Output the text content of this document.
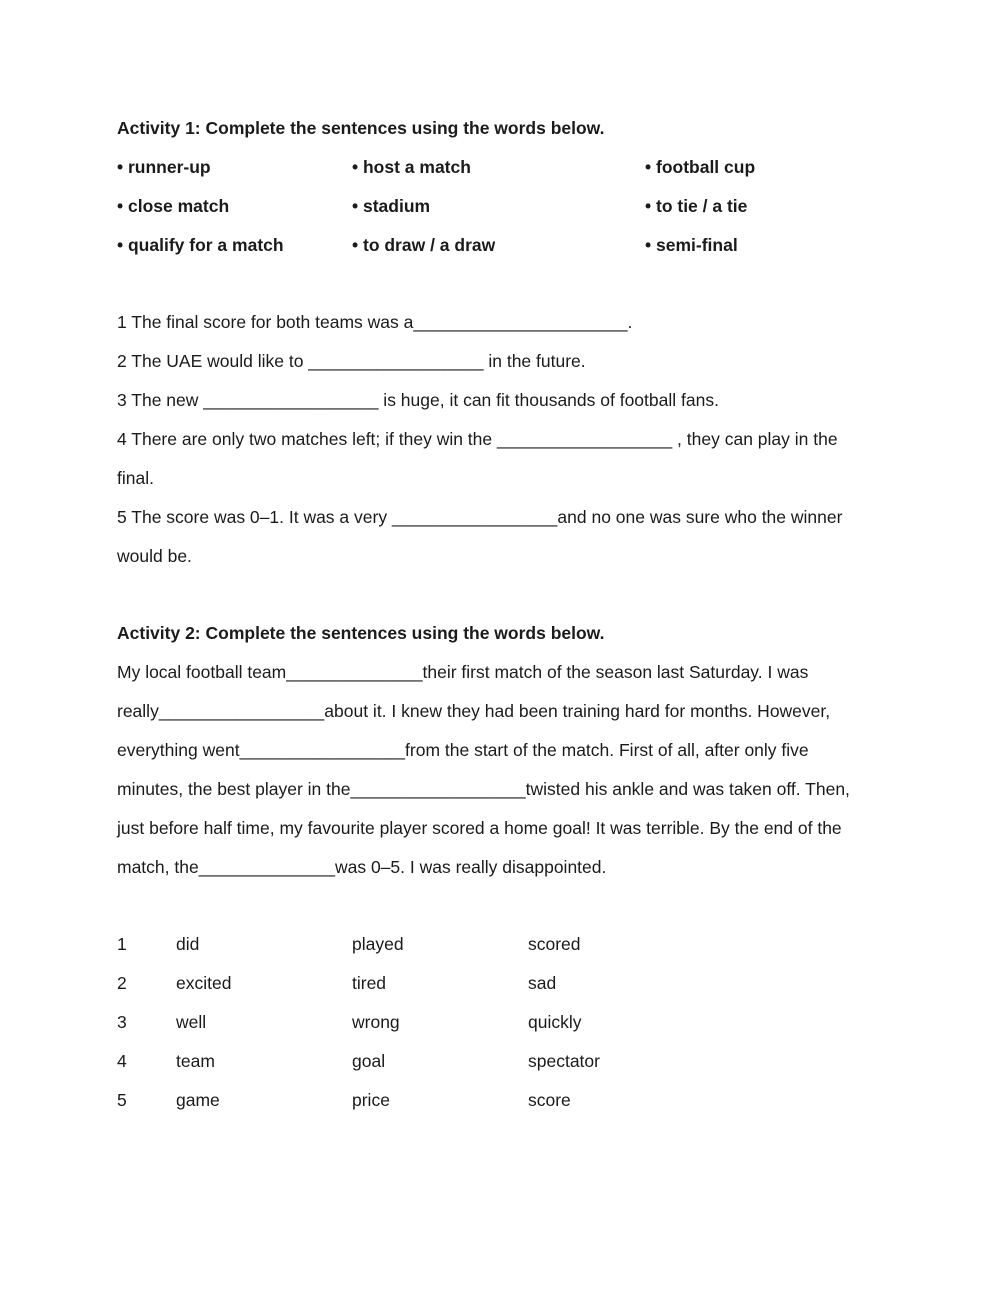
Activity 1: Complete the sentences using the words below.
• runner-up	• host a match	• football cup
• close match	• stadium	• to tie / a tie
• qualify for a match	• to draw / a draw	• semi-final
1 The final score for both teams was a______________________.
2 The UAE would like to __________________ in the future.
3 The new __________________ is huge, it can fit thousands of football fans.
4 There are only two matches left; if they win the __________________ , they can play in the
final.
5 The score was 0–1. It was a very _________________and no one was sure who the winner
would be.
Activity 2: Complete the sentences using the words below.
My local football team______________their first match of the season last Saturday. I was
really_________________about it. I knew they had been training hard for months. However,
everything went_________________from the start of the match. First of all, after only five
minutes, the best player in the__________________twisted his ankle and was taken off. Then,
just before half time, my favourite player scored a home goal! It was terrible. By the end of the
match, the______________was 0–5. I was really disappointed.
1	did	played	scored
2	excited	tired	sad
3	well	wrong	quickly
4	team	goal	spectator
5	game	price	score
